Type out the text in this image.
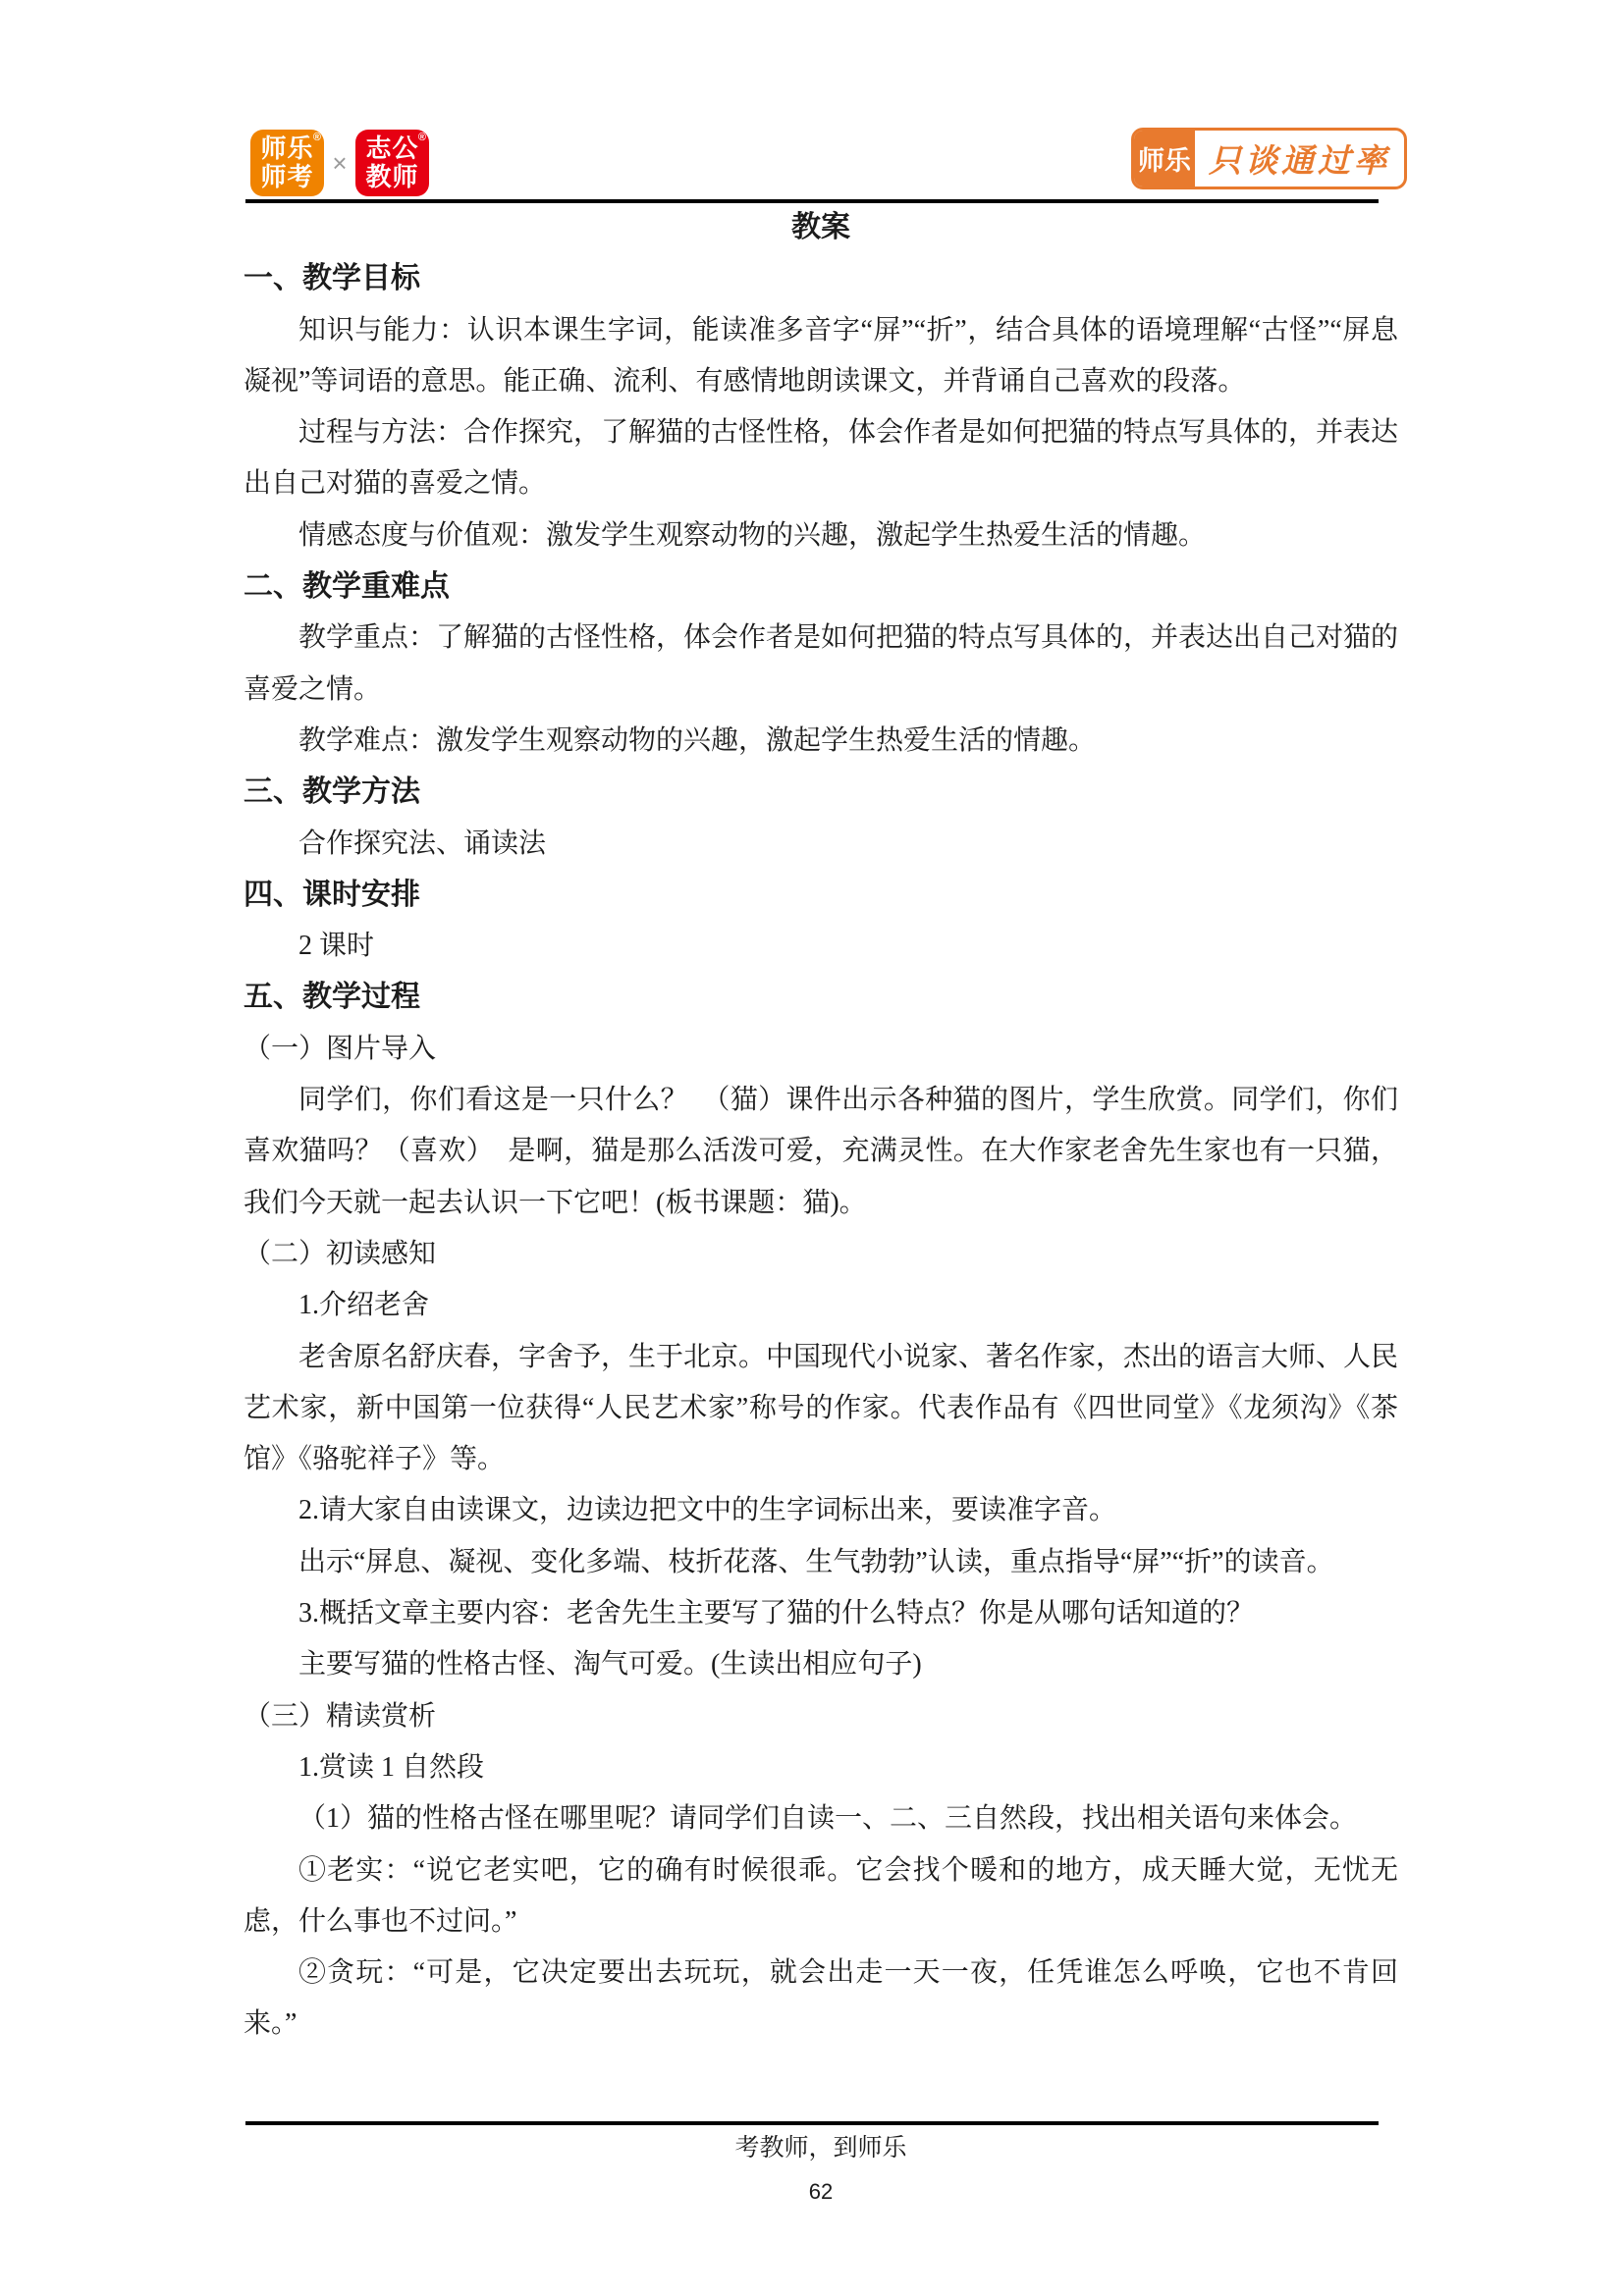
®
师乐
师考 ×
®
志公
教师
师乐 只谈通过率

教案

一、教学目标

知识与能力：认识本课生字词，能读准多音字“屏”“折”，结合具体的语境理解“古怪”“屏息凝视”等词语的意思。能正确、流利、有感情地朗读课文，并背诵自己喜欢的段落。

过程与方法：合作探究，了解猫的古怪性格，体会作者是如何把猫的特点写具体的，并表达出自己对猫的喜爱之情。

情感态度与价值观：激发学生观察动物的兴趣，激起学生热爱生活的情趣。

二、教学重难点

教学重点：了解猫的古怪性格，体会作者是如何把猫的特点写具体的，并表达出自己对猫的喜爱之情。

教学难点：激发学生观察动物的兴趣，激起学生热爱生活的情趣。

三、教学方法

合作探究法、诵读法

四、课时安排

2 课时

五、教学过程

（一）图片导入

同学们，你们看这是一只什么？　（猫）课件出示各种猫的图片，学生欣赏。同学们，你们喜欢猫吗？（喜欢）　是啊，猫是那么活泼可爱，充满灵性。在大作家老舍先生家也有一只猫，我们今天就一起去认识一下它吧！(板书课题：猫)。

（二）初读感知

1.介绍老舍

老舍原名舒庆春，字舍予，生于北京。中国现代小说家、著名作家，杰出的语言大师、人民艺术家，新中国第一位获得“人民艺术家”称号的作家。代表作品有《四世同堂》《龙须沟》《茶馆》《骆驼祥子》等。

2.请大家自由读课文，边读边把文中的生字词标出来，要读准字音。

出示“屏息、凝视、变化多端、枝折花落、生气勃勃”认读，重点指导“屏”“折”的读音。

3.概括文章主要内容：老舍先生主要写了猫的什么特点？你是从哪句话知道的？

主要写猫的性格古怪、淘气可爱。(生读出相应句子)

（三）精读赏析

1.赏读 1 自然段

（1）猫的性格古怪在哪里呢？请同学们自读一、二、三自然段，找出相关语句来体会。

①老实：“说它老实吧，它的确有时候很乖。它会找个暖和的地方，成天睡大觉，无忧无虑，什么事也不过问。”

②贪玩：“可是，它决定要出去玩玩，就会出走一天一夜，任凭谁怎么呼唤，它也不肯回来。”

考教师，到师乐
62
